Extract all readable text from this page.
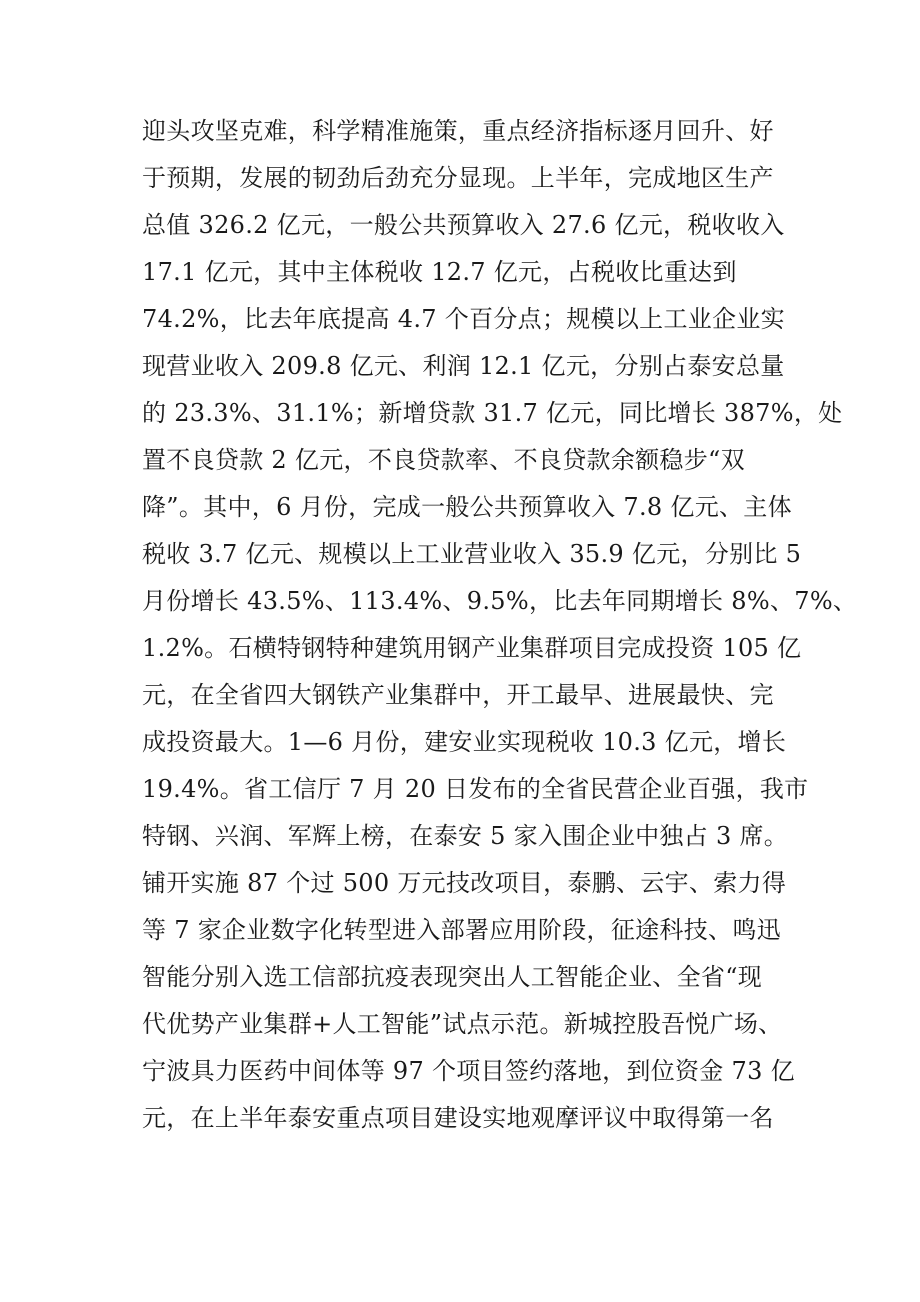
迎头攻坚克难，科学精准施策，重点经济指标逐月回升、好
于预期，发展的韧劲后劲充分显现。上半年，完成地区生产
总值 326.2 亿元，一般公共预算收入 27.6 亿元，税收收入
17.1 亿元，其中主体税收 12.7 亿元，占税收比重达到
74.2%，比去年底提高 4.7 个百分点；规模以上工业企业实
现营业收入 209.8 亿元、利润 12.1 亿元，分别占泰安总量
的 23.3%、31.1%；新增贷款 31.7 亿元，同比增长 387%，处
置不良贷款 2 亿元，不良贷款率、不良贷款余额稳步“双
降”。其中，6 月份，完成一般公共预算收入 7.8 亿元、主体
税收 3.7 亿元、规模以上工业营业收入 35.9 亿元，分别比 5
月份增长 43.5%、113.4%、9.5%，比去年同期增长 8%、7%、
1.2%。石横特钢特种建筑用钢产业集群项目完成投资 105 亿
元，在全省四大钢铁产业集群中，开工最早、进展最快、完
成投资最大。1—6 月份，建安业实现税收 10.3 亿元，增长
19.4%。省工信厅 7 月 20 日发布的全省民营企业百强，我市
特钢、兴润、军辉上榜，在泰安 5 家入围企业中独占 3 席。
铺开实施 87 个过 500 万元技改项目，泰鹏、云宇、索力得
等 7 家企业数字化转型进入部署应用阶段，征途科技、鸣迅
智能分别入选工信部抗疫表现突出人工智能企业、全省“现
代优势产业集群+人工智能”试点示范。新城控股吾悦广场、
宁波具力医药中间体等 97 个项目签约落地，到位资金 73 亿
元，在上半年泰安重点项目建设实地观摩评议中取得第一名
